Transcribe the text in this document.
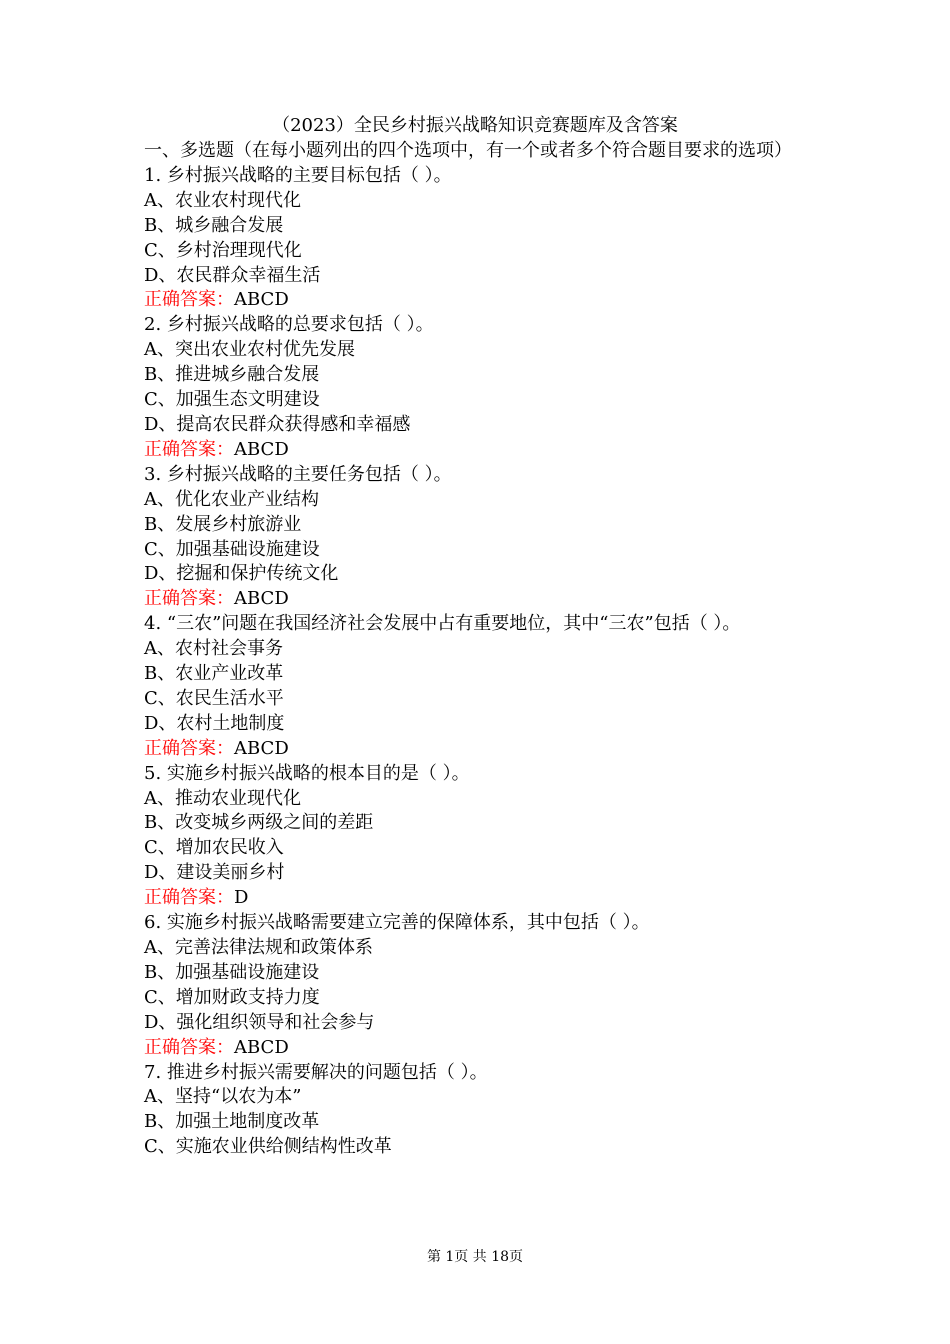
（2023）全民乡村振兴战略知识竞赛题库及含答案
一、多选题（在每小题列出的四个选项中，有一个或者多个符合题目要求的选项）
1. 乡村振兴战略的主要目标包括（ ）。
A、农业农村现代化
B、城乡融合发展
C、乡村治理现代化
D、农民群众幸福生活
正确答案：ABCD
2. 乡村振兴战略的总要求包括（ ）。
A、突出农业农村优先发展
B、推进城乡融合发展
C、加强生态文明建设
D、提高农民群众获得感和幸福感
正确答案：ABCD
3. 乡村振兴战略的主要任务包括（ ）。
A、优化农业产业结构
B、发展乡村旅游业
C、加强基础设施建设
D、挖掘和保护传统文化
正确答案：ABCD
4. “三农”问题在我国经济社会发展中占有重要地位，其中“三农”包括（ ）。
A、农村社会事务
B、农业产业改革
C、农民生活水平
D、农村土地制度
正确答案：ABCD
5. 实施乡村振兴战略的根本目的是（ ）。
A、推动农业现代化
B、改变城乡两级之间的差距
C、增加农民收入
D、建设美丽乡村
正确答案：D
6. 实施乡村振兴战略需要建立完善的保障体系，其中包括（ ）。
A、完善法律法规和政策体系
B、加强基础设施建设
C、增加财政支持力度
D、强化组织领导和社会参与
正确答案：ABCD
7. 推进乡村振兴需要解决的问题包括（ ）。
A、坚持“以农为本”
B、加强土地制度改革
C、实施农业供给侧结构性改革
第 1页 共 18页
